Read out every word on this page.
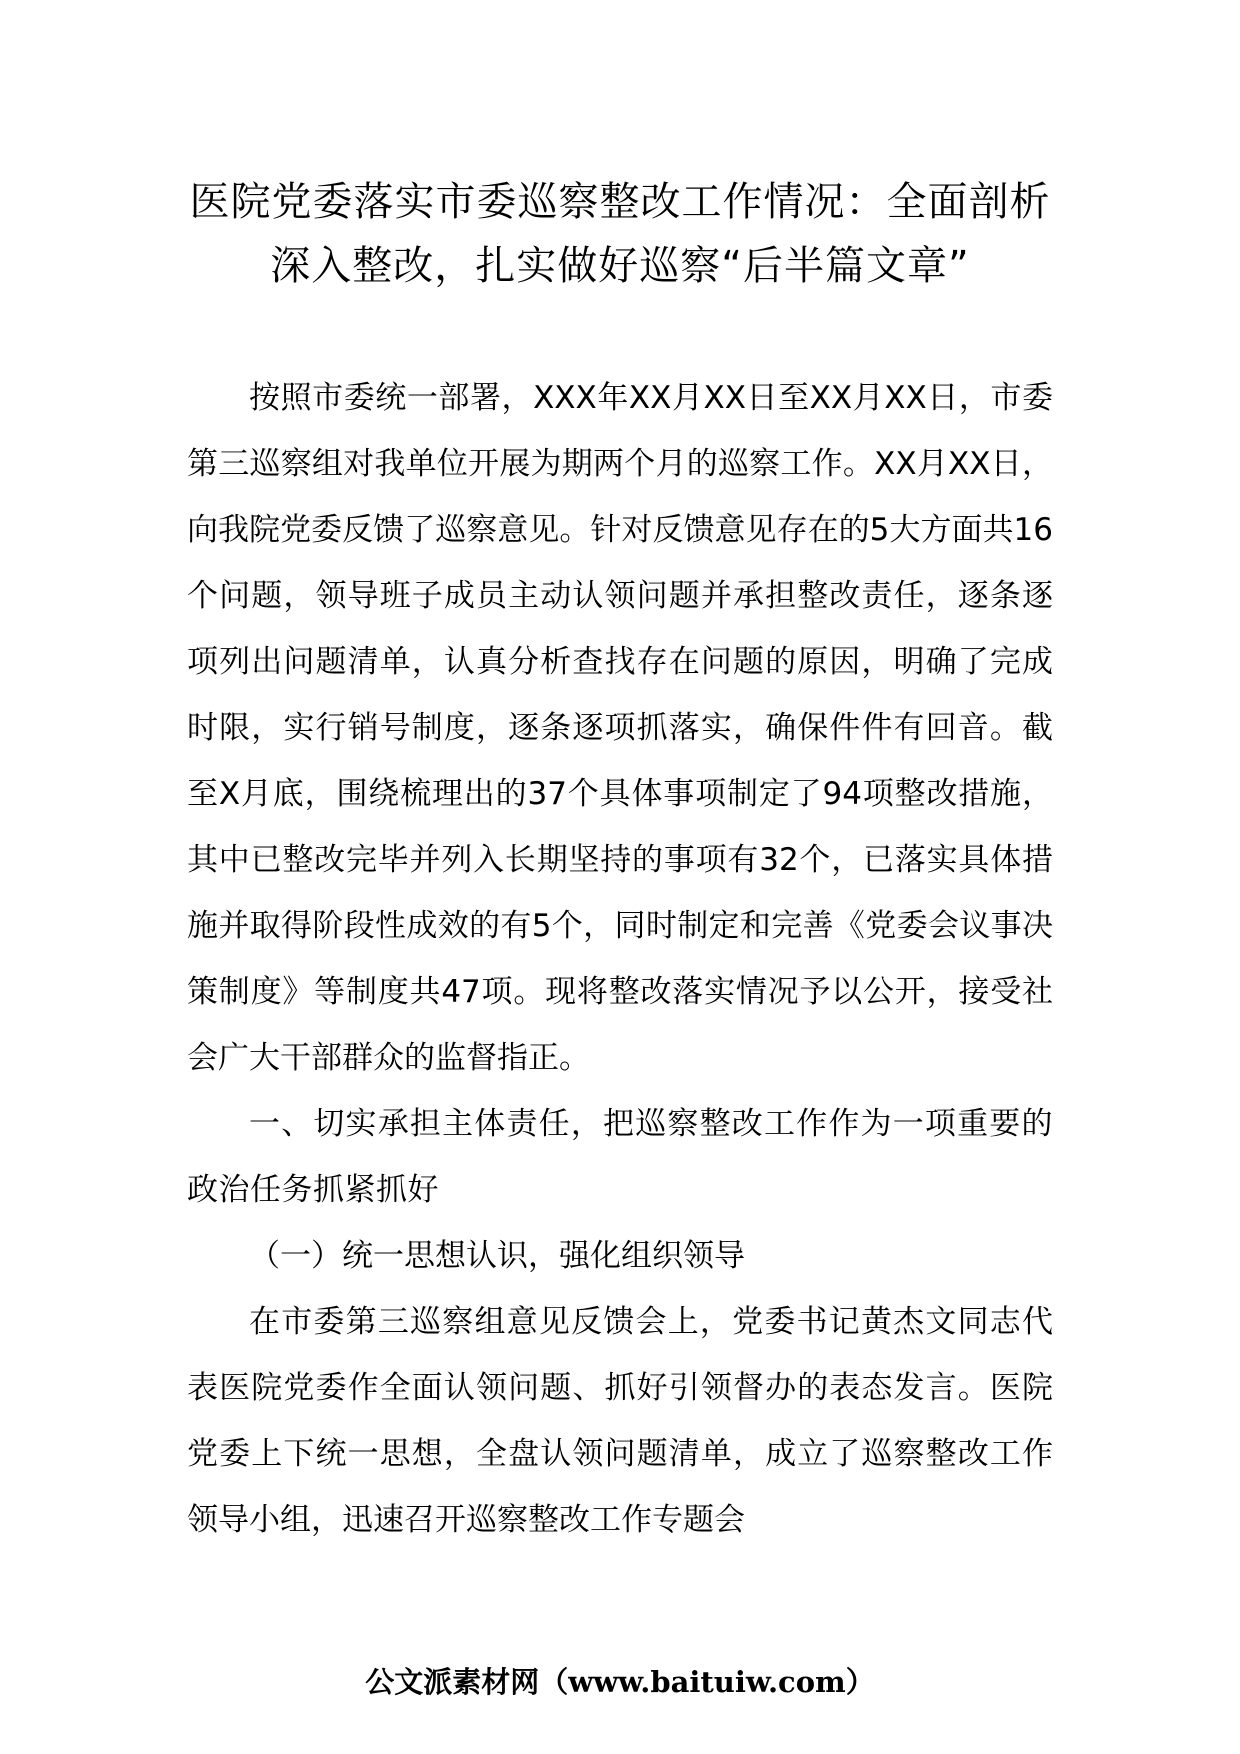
医院党委落实市委巡察整改工作情况：全面剖析深入整改，扎实做好巡察“后半篇文章”

按照市委统一部署，XXX年XX月XX日至XX月XX日，市委第三巡察组对我单位开展为期两个月的巡察工作。XX月XX日，向我院党委反馈了巡察意见。针对反馈意见存在的5大方面共16个问题，领导班子成员主动认领问题并承担整改责任，逐条逐项列出问题清单，认真分析查找存在问题的原因，明确了完成时限，实行销号制度，逐条逐项抓落实，确保件件有回音。截至X月底，围绕梳理出的37个具体事项制定了94项整改措施，其中已整改完毕并列入长期坚持的事项有32个，已落实具体措施并取得阶段性成效的有5个，同时制定和完善《党委会议事决策制度》等制度共47项。现将整改落实情况予以公开，接受社会广大干部群众的监督指正。

一、切实承担主体责任，把巡察整改工作作为一项重要的政治任务抓紧抓好

（一）统一思想认识，强化组织领导

在市委第三巡察组意见反馈会上，党委书记黄杰文同志代表医院党委作全面认领问题、抓好引领督办的表态发言。医院党委上下统一思想，全盘认领问题清单，成立了巡察整改工作领导小组，迅速召开巡察整改工作专题会

公文派素材网（www.baituiw.com）
